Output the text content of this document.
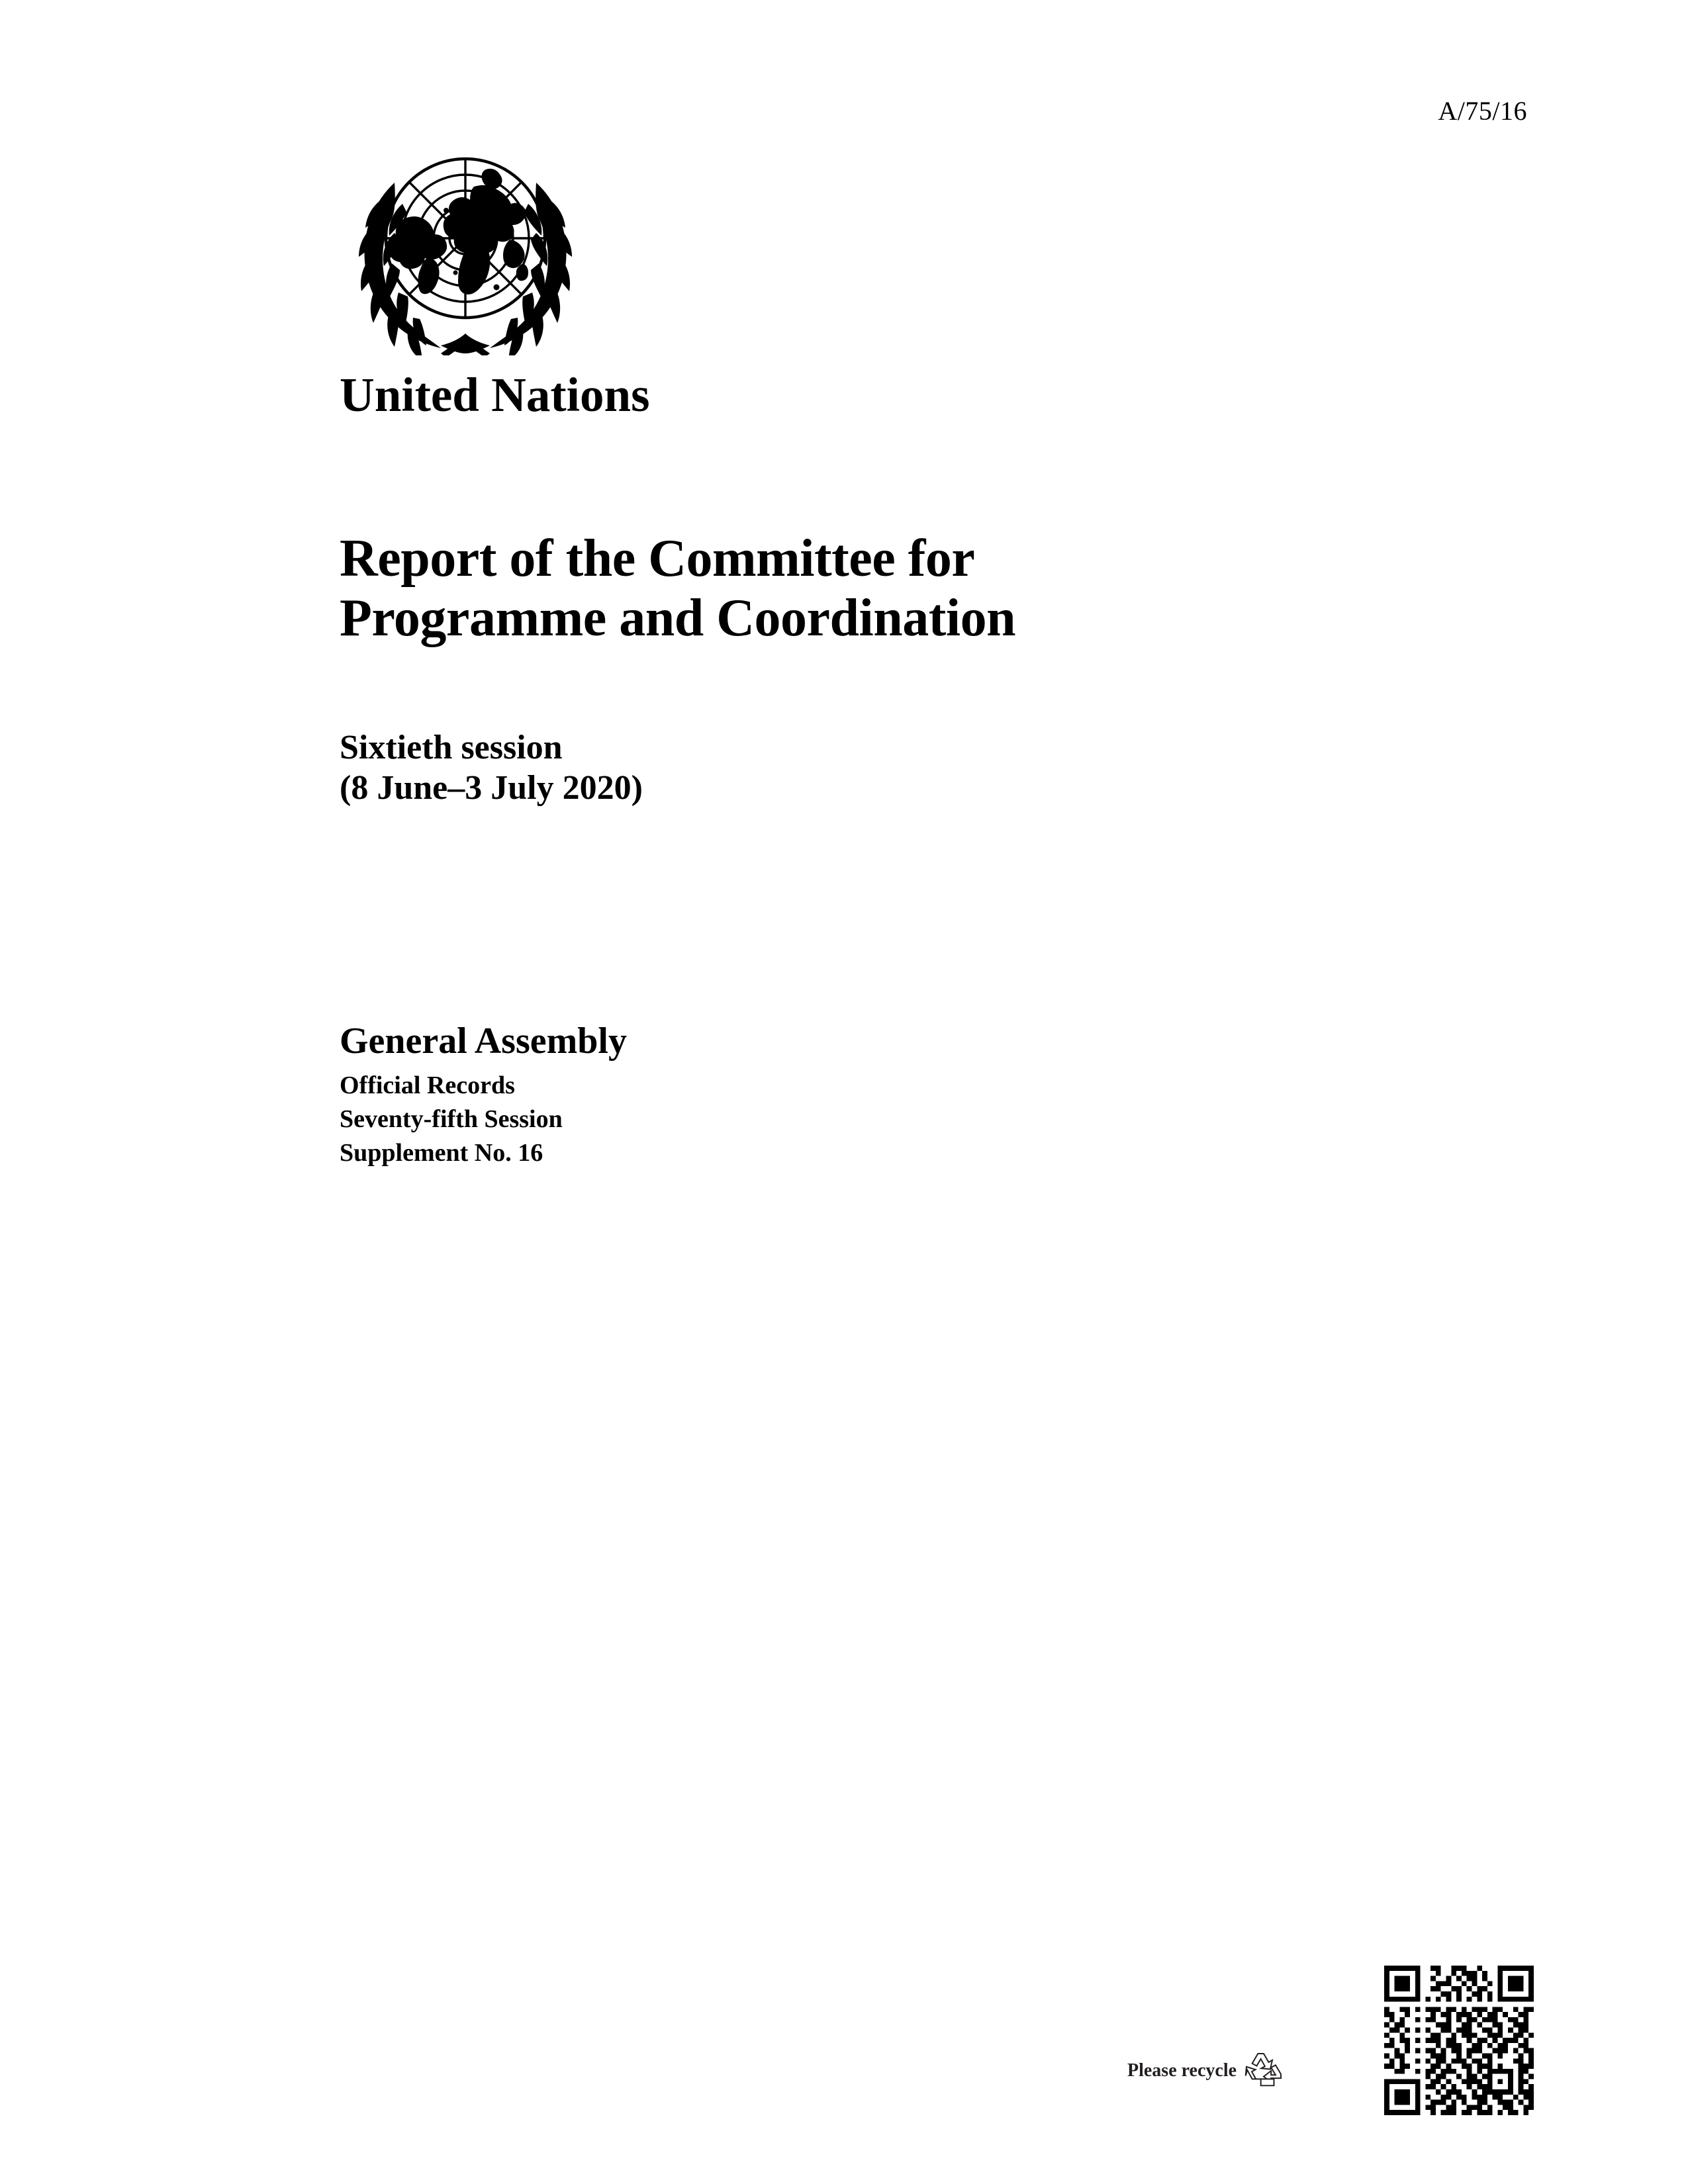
A/75/16
United Nations
Report of the Committee for
Programme and Coordination
Sixtieth session
(8 June–3 July 2020)
General Assembly
Official Records
Seventy-fifth Session
Supplement No. 16
Please recycle
